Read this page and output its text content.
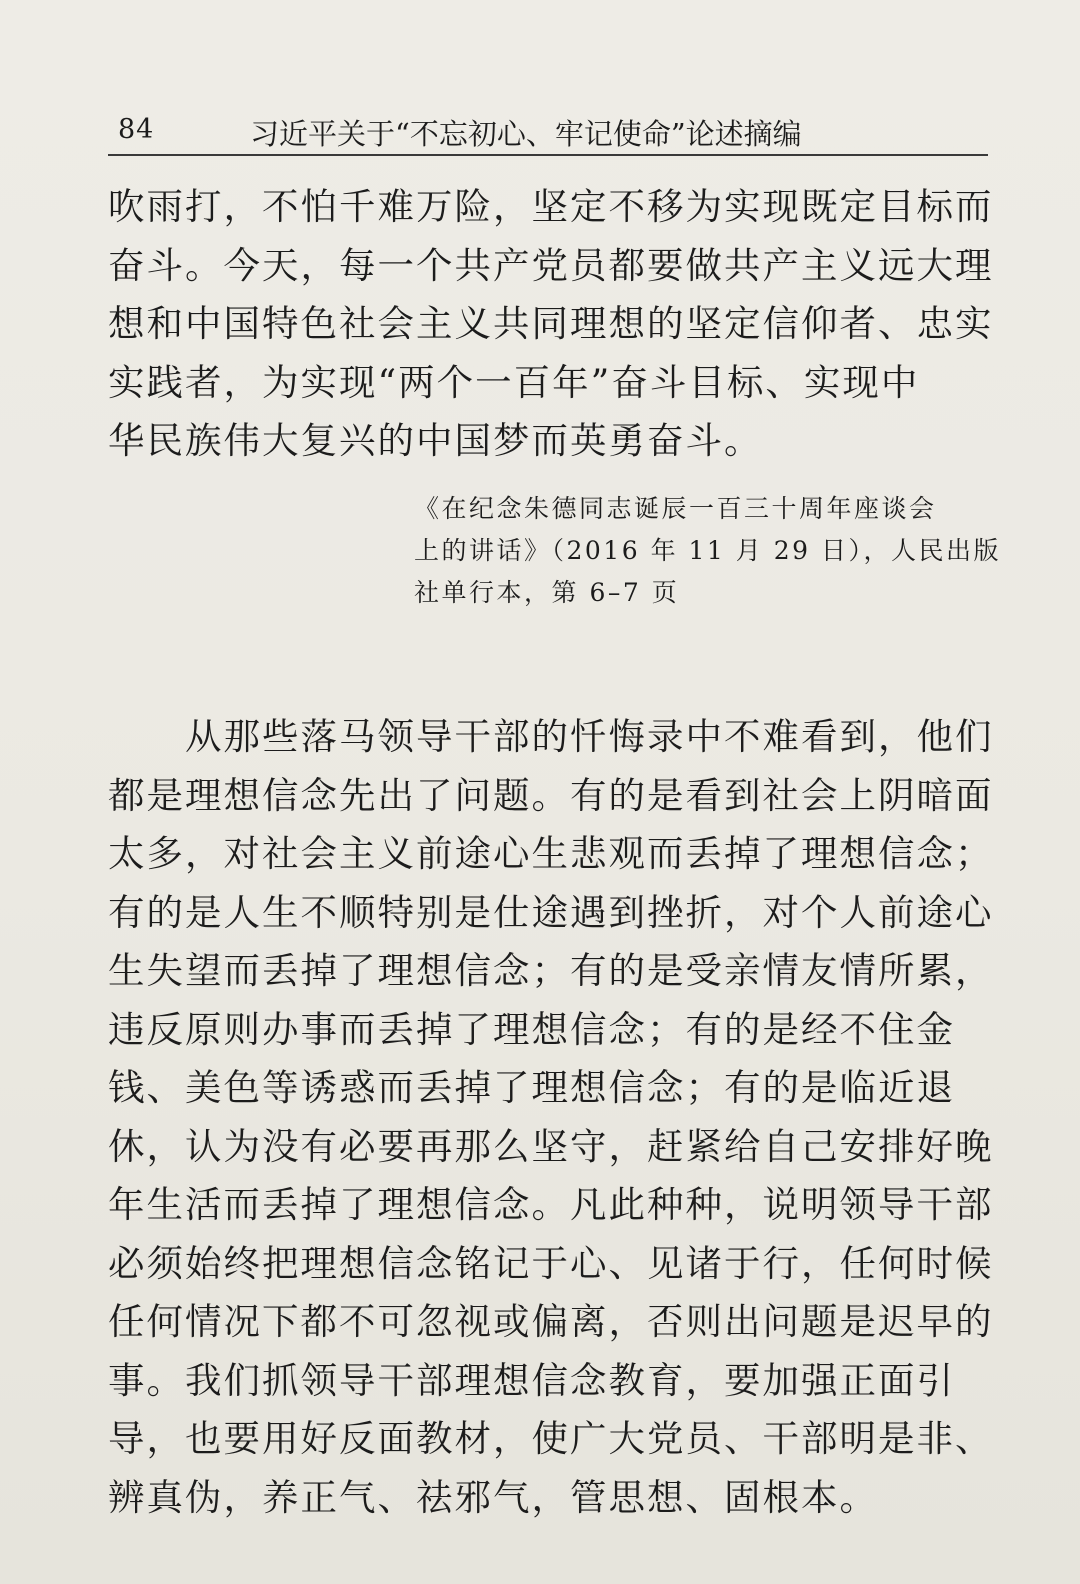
84	习近平关于“不忘初心、牢记使命”论述摘编
吹雨打，不怕千难万险，坚定不移为实现既定目标而
奋斗。今天，每一个共产党员都要做共产主义远大理
想和中国特色社会主义共同理想的坚定信仰者、忠实
实践者，为实现“两个一百年”奋斗目标、实现中
华民族伟大复兴的中国梦而英勇奋斗。
《在纪念朱德同志诞辰一百三十周年座谈会
上的讲话》（2016 年 11 月 29 日），人民出版
社单行本，第 6–7 页
从那些落马领导干部的忏悔录中不难看到，他们
都是理想信念先出了问题。有的是看到社会上阴暗面
太多，对社会主义前途心生悲观而丢掉了理想信念；
有的是人生不顺特别是仕途遇到挫折，对个人前途心
生失望而丢掉了理想信念；有的是受亲情友情所累，
违反原则办事而丢掉了理想信念；有的是经不住金
钱、美色等诱惑而丢掉了理想信念；有的是临近退
休，认为没有必要再那么坚守，赶紧给自己安排好晚
年生活而丢掉了理想信念。凡此种种，说明领导干部
必须始终把理想信念铭记于心、见诸于行，任何时候
任何情况下都不可忽视或偏离，否则出问题是迟早的
事。我们抓领导干部理想信念教育，要加强正面引
导，也要用好反面教材，使广大党员、干部明是非、
辨真伪，养正气、祛邪气，管思想、固根本。
